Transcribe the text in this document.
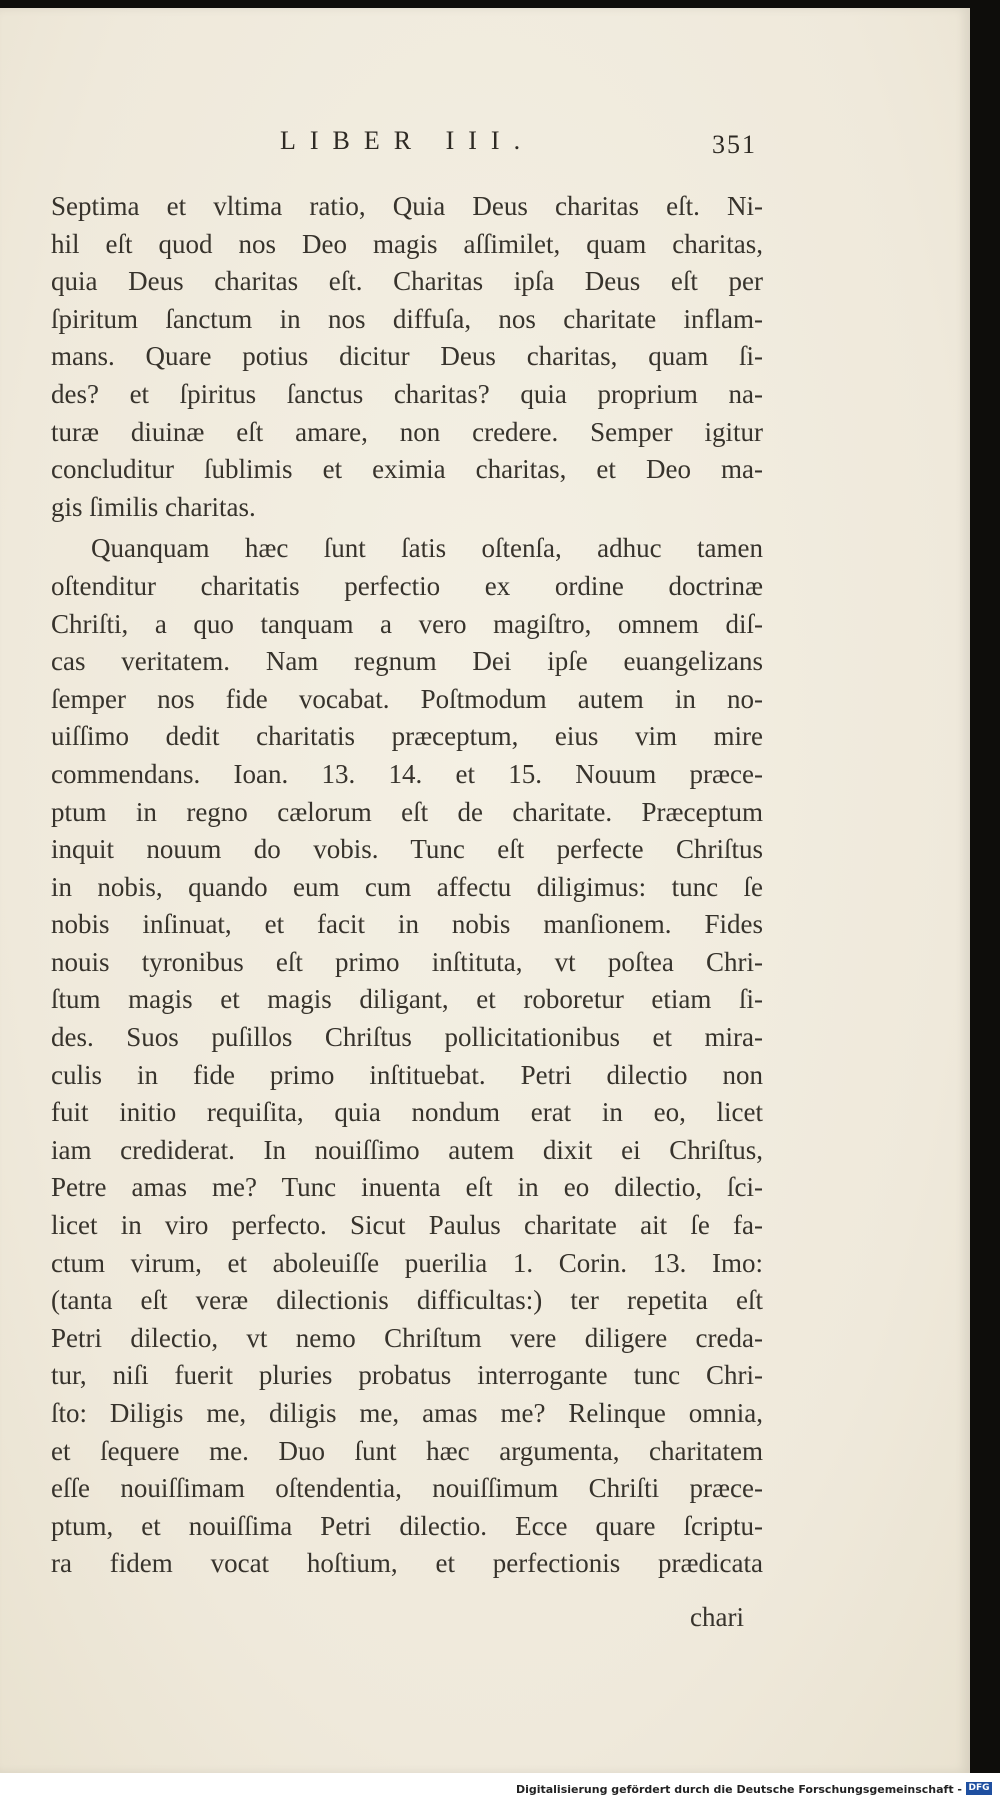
LIBER III.	351
Septima et vltima ratio, Quia Deus charitas eſt. Ni-
hil eſt quod nos Deo magis aſſimilet, quam charitas,
quia Deus charitas eſt. Charitas ipſa Deus eſt per
ſpiritum ſanctum in nos diffuſa, nos charitate inflam-
mans. Quare potius dicitur Deus charitas, quam ſi-
des? et ſpiritus ſanctus charitas? quia proprium na-
turæ diuinæ eſt amare, non credere. Semper igitur
concluditur ſublimis et eximia charitas, et Deo ma-
gis ſimilis charitas.
Quanquam hæc ſunt ſatis oſtenſa, adhuc tamen
oſtenditur charitatis perfectio ex ordine doctrinæ
Chriſti, a quo tanquam a vero magiſtro, omnem diſ-
cas veritatem. Nam regnum Dei ipſe euangelizans
ſemper nos fide vocabat. Poſtmodum autem in no-
uiſſimo dedit charitatis præceptum, eius vim mire
commendans. Ioan. 13. 14. et 15. Nouum præce-
ptum in regno cælorum eſt de charitate. Præceptum
inquit nouum do vobis. Tunc eſt perfecte Chriſtus
in nobis, quando eum cum affectu diligimus: tunc ſe
nobis inſinuat, et facit in nobis manſionem. Fides
nouis tyronibus eſt primo inſtituta, vt poſtea Chri-
ſtum magis et magis diligant, et roboretur etiam ſi-
des. Suos puſillos Chriſtus pollicitationibus et mira-
culis in fide primo inſtituebat. Petri dilectio non
fuit initio requiſita, quia nondum erat in eo, licet
iam crediderat. In nouiſſimo autem dixit ei Chriſtus,
Petre amas me? Tunc inuenta eſt in eo dilectio, ſci-
licet in viro perfecto. Sicut Paulus charitate ait ſe fa-
ctum virum, et aboleuiſſe puerilia 1. Corin. 13. Imo:
(tanta eſt veræ dilectionis difficultas:) ter repetita eſt
Petri dilectio, vt nemo Chriſtum vere diligere creda-
tur, niſi fuerit pluries probatus interrogante tunc Chri-
ſto: Diligis me, diligis me, amas me? Relinque omnia,
et ſequere me. Duo ſunt hæc argumenta, charitatem
eſſe nouiſſimam oſtendentia, nouiſſimum Chriſti præce-
ptum, et nouiſſima Petri dilectio. Ecce quare ſcriptu-
ra fidem vocat hoſtium, et perfectionis prædicata
chari
Digitalisierung gefördert durch die Deutsche Forschungsgemeinschaft - DFG
